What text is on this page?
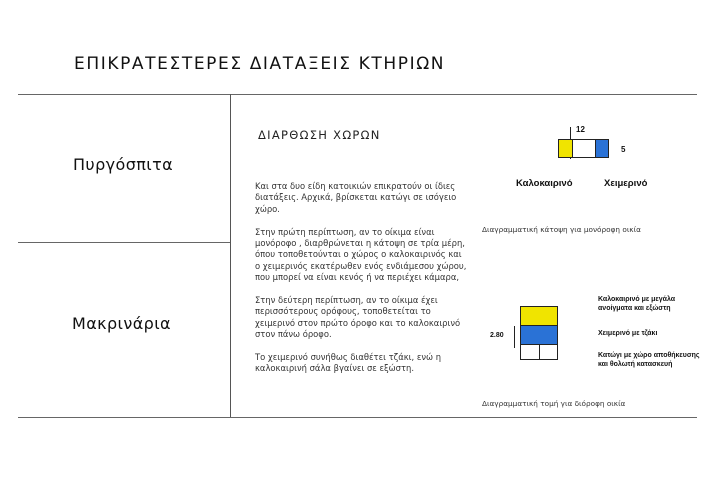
ΕΠΙΚΡΑΤΕΣΤΕΡΕΣ ΔΙΑΤΑΞΕΙΣ ΚΤΗΡΙΩΝ
Πυργόσπιτα
Μακρινάρια
ΔΙΑΡΘΩΣΗ ΧΩΡΩΝ

Και στα δυο είδη κατοικιών επικρατούν οι ίδιες διατάξεις. Αρχικά, βρίσκεται κατώγι σε ισόγειο χώρο.

Στην πρώτη περίπτωση, αν το οίκιμα είναι μονόροφο , διαρθρώνεται η κάτοψη σε τρία μέρη, όπου τοποθετούνται ο χώρος ο καλοκαιρινός και ο χειμερινός εκατέρωθεν ενός ενδιάμεσου χώρου, που μπορεί να είναι κενός ή να περιέχει κάμαρα,

Στην δεύτερη περίπτωση, αν το οίκιμα έχει περισσότερους ορόφους, τοποθετείται το χειμερινό στον πρώτο όροφο και το καλοκαιρινό στον πάνω όροφο.

Το χειμερινό συνήθως διαθέτει τζάκι, ενώ η καλοκαιρινή σάλα βγαίνει σε εξώστη.

12
5
Καλοκαιρινό	Χειμερινό
Διαγραμματική κάτοψη για μονόροφη οικία
2.80
Καλοκαιρινό με μεγάλα ανοίγματα και εξώστη
Χειμερινό με τζάκι
Κατώγι με χώρο αποθήκευσης και θολωτή κατασκευή
Διαγραμματική τομή για διόροφη οικία
